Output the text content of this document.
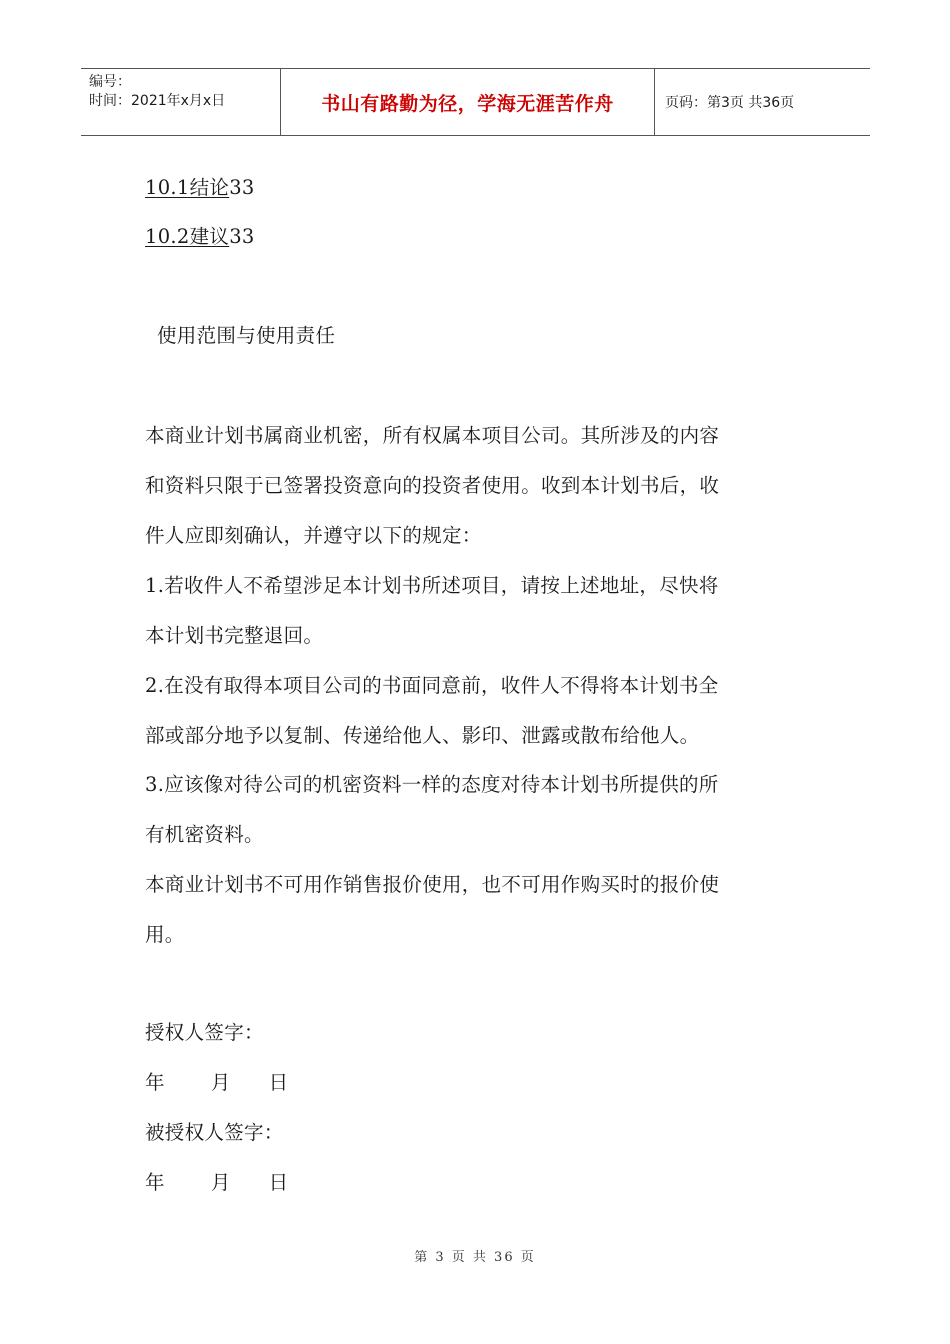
编号：
时间：2021年x月x日	书山有路勤为径，学海无涯苦作舟	页码：第3页 共36页
10.1结论33
10.2建议33
使用范围与使用责任
本商业计划书属商业机密，所有权属本项目公司。其所涉及的内容
和资料只限于已签署投资意向的投资者使用。收到本计划书后，收
件人应即刻确认，并遵守以下的规定：
1.若收件人不希望涉足本计划书所述项目，请按上述地址，尽快将
本计划书完整退回。
2.在没有取得本项目公司的书面同意前，收件人不得将本计划书全
部或部分地予以复制、传递给他人、影印、泄露或散布给他人。
3.应该像对待公司的机密资料一样的态度对待本计划书所提供的所
有机密资料。
本商业计划书不可用作销售报价使用，也不可用作购买时的报价使
用。
授权人签字：
年 月 日
被授权人签字：
年 月 日
第 3 页 共 36 页
